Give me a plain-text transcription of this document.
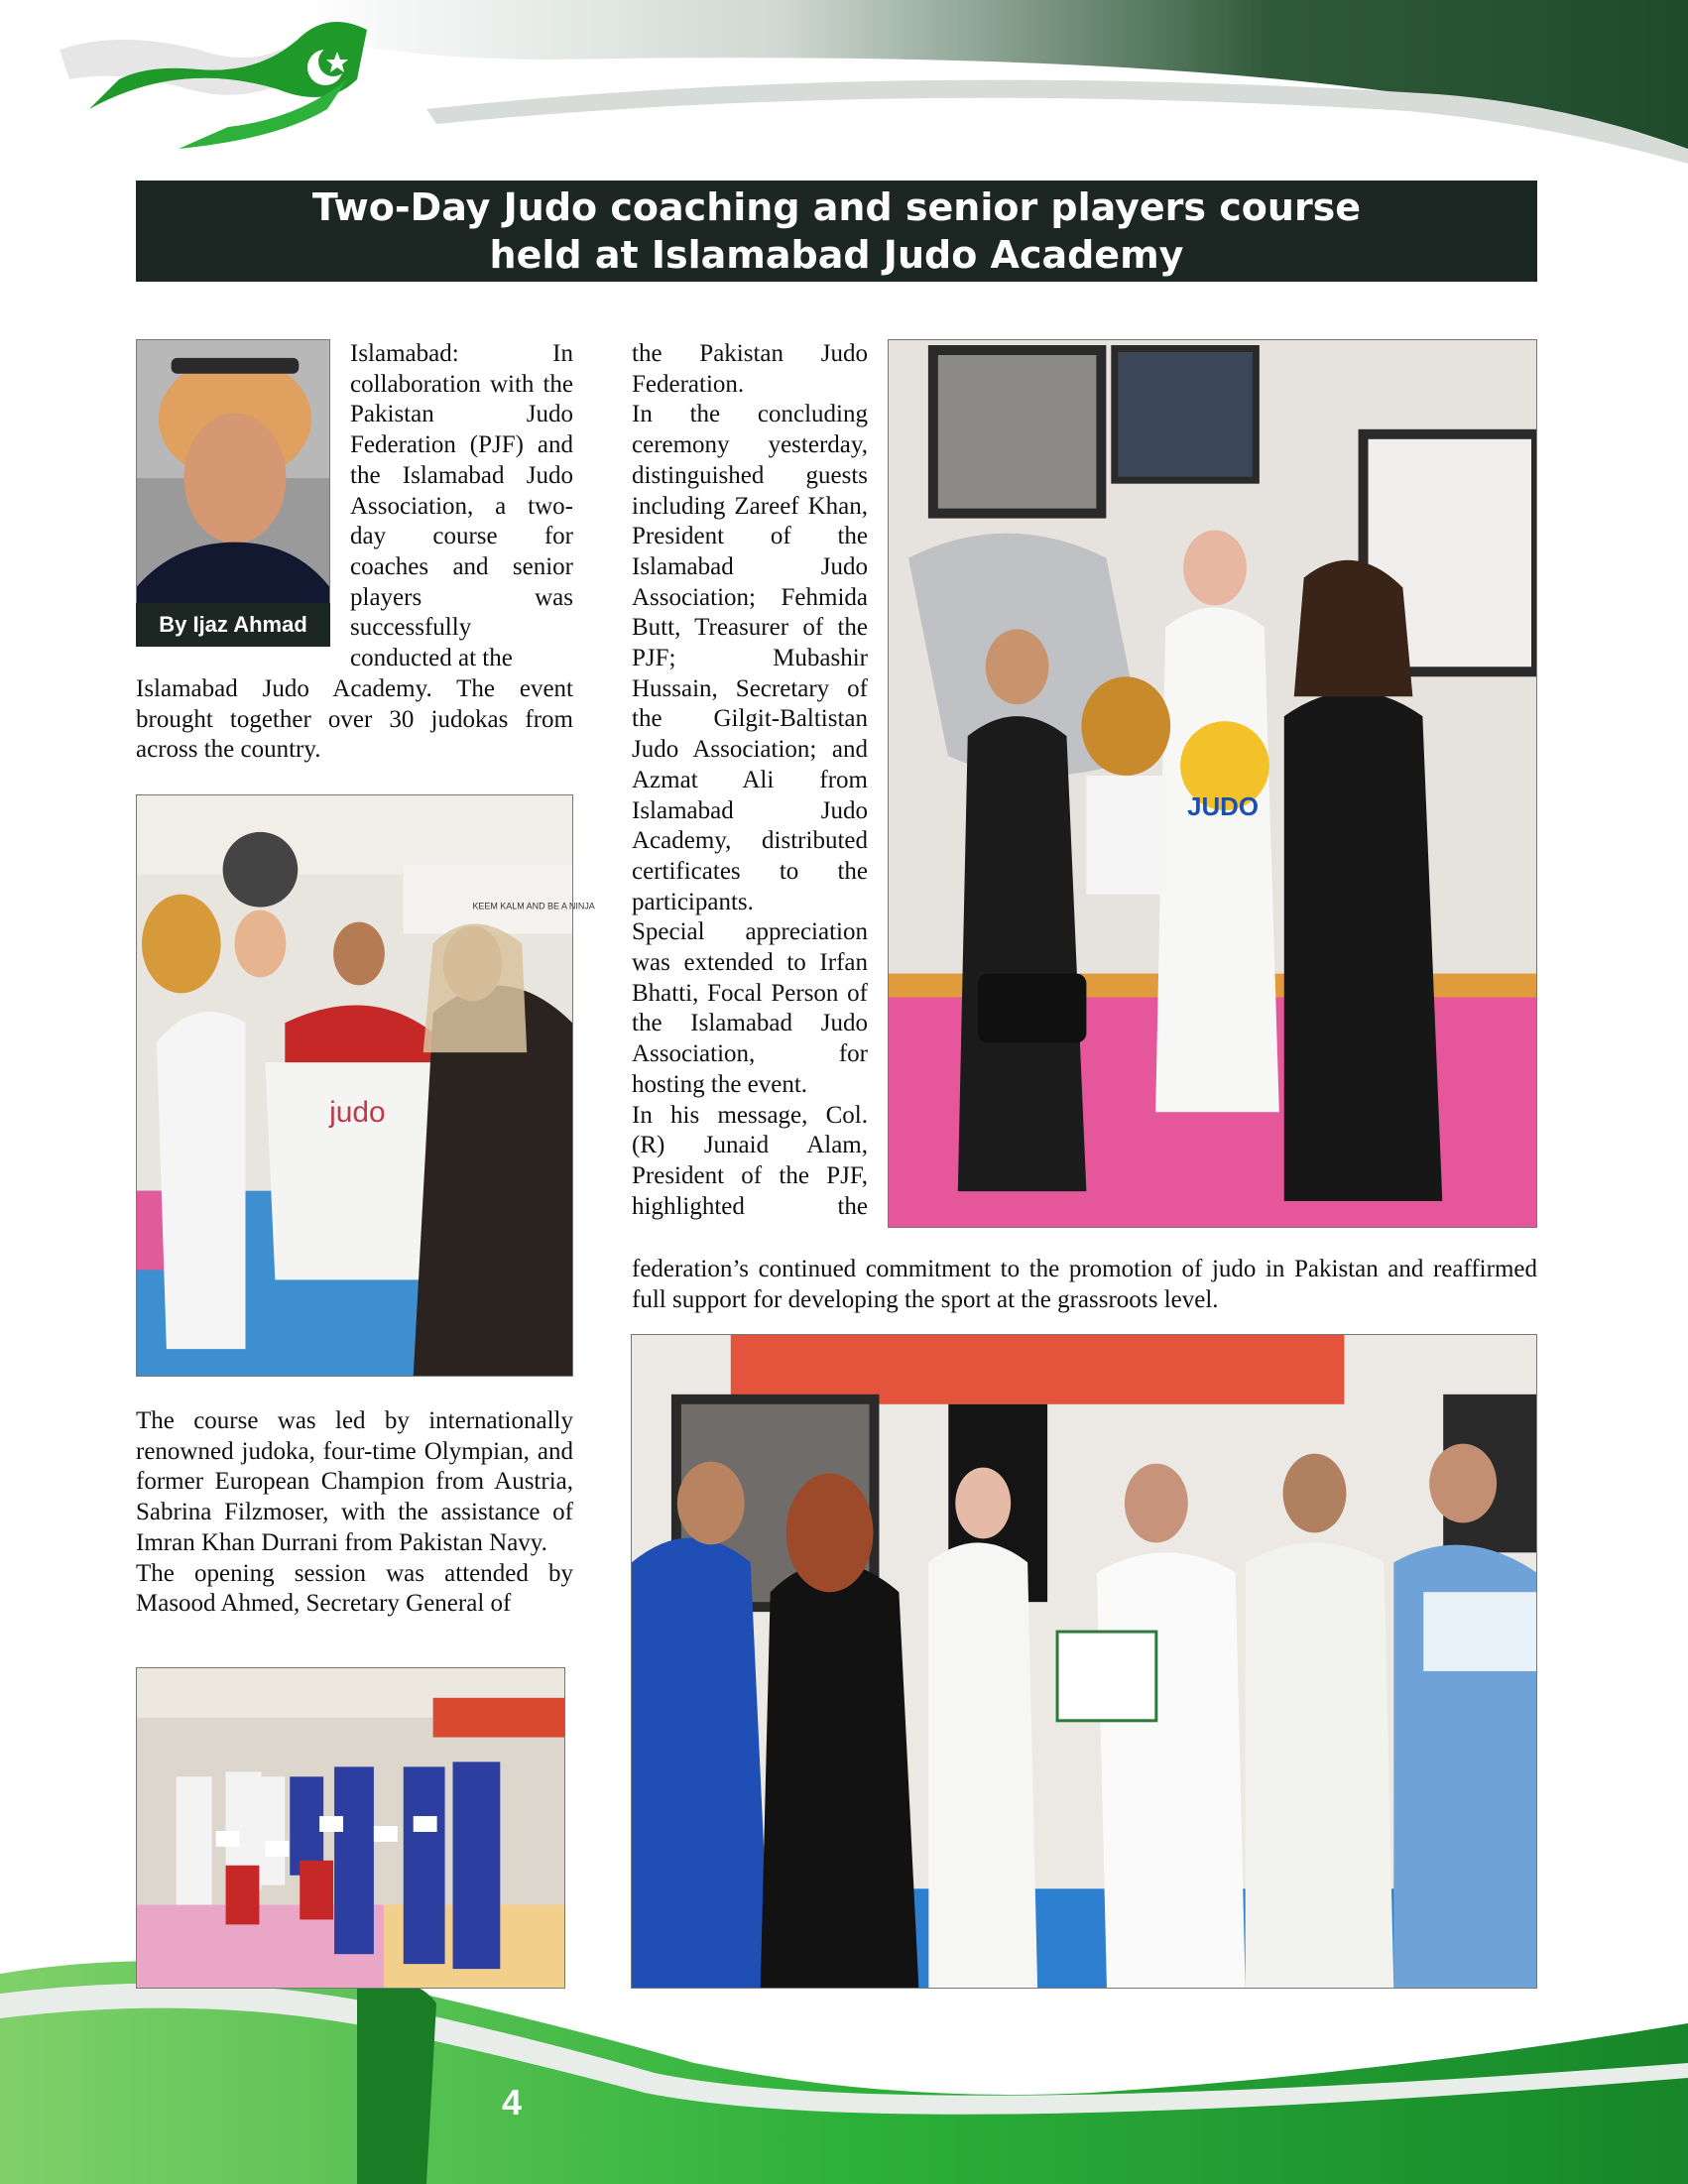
Two-Day Judo coaching and senior players course
held at Islamabad Judo Academy
By Ijaz Ahmad

Islamabad: In collaboration with the Pakistan Judo Federation (PJF) and the Islamabad Judo Association, a two-day course for coaches and senior players was successfully conducted at the

Islamabad Judo Academy. The event brought together over 30 judokas from across the country.

KEEM KALM AND BE A NINJA
judo

The course was led by internationally renowned judoka, four-time Olympian, and former European Champion from Austria, Sabrina Filzmoser, with the assistance of Imran Khan Durrani from Pakistan Navy.

The opening session was attended by Masood Ahmed, Secretary General of

the Pakistan Judo Federation.

In the concluding ceremony yesterday, distinguished guests including Zareef Khan, President of the Islamabad Judo Association; Fehmida Butt, Treasurer of the PJF; Mubashir Hussain, Secretary of the Gilgit-Baltistan Judo Association; and Azmat Ali from Islamabad Judo Academy, distributed certificates to the participants.

Special appreciation was extended to Irfan Bhatti, Focal Person of the Islamabad Judo Association, for hosting the event.

In his message, Col. (R) Junaid Alam, President of the PJF, highlighted the

federation’s continued commitment to the promotion of judo in Pakistan and reaffirmed full support for developing the sport at the grassroots level.

JUDO
4
